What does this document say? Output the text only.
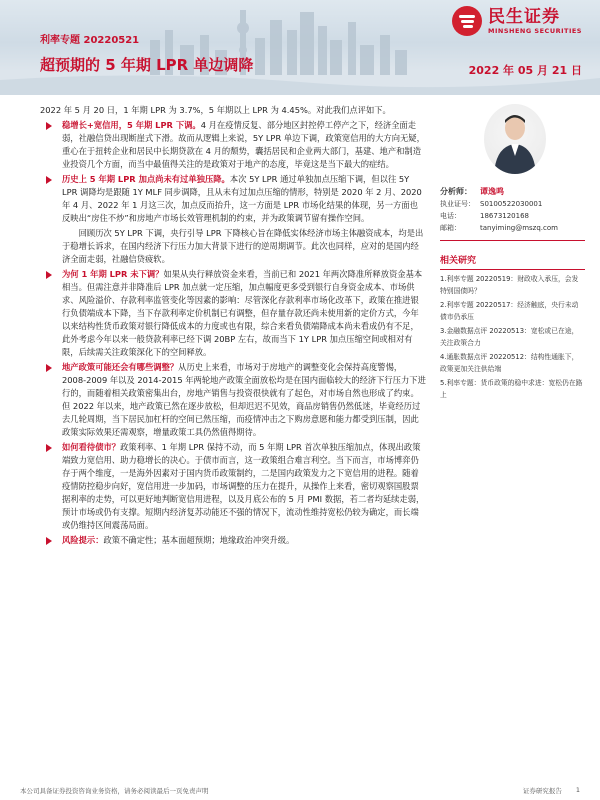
民生证券
MINSHENG SECURITIES
利率专题 20220521
超预期的 5 年期 LPR 单边调降	2022 年 05 月 21 日

2022 年 5 月 20 日，1 年期 LPR 为 3.7%，5 年期以上 LPR 为 4.45%。对此我们点评如下。

稳增长+宽信用，5 年期 LPR 下调。4 月在疫情反复、部分地区封控停工停产之下，经济全面走弱，社融信贷出现断崖式下滑。故而从逻辑上来说，5Y LPR 单边下调，政策宽信用的大方向无疑，重心在于扭转企业和居民中长期贷款在 4 月的颓势，囊括居民和企业两大部门，基建、地产和制造业投资几个方面，而当中最值得关注的是政策对于地产的态度，毕竟这是当下最大的症结。
历史上 5 年期 LPR 加点尚未有过单独压降。本次 5Y LPR 通过单独加点压缩下调，但以往 5Y LPR 调降均是跟随 1Y MLF 同步调降，且从未有过加点压缩的情形，特别是 2020 年 2 月、2020 年 4 月、2022 年 1 月这三次，加点反而抬升，这一方面是 LPR 市场化结果的体现，另一方面也反映出“房住不炒”和房地产市场长效管理机制的约束，并为政策调节留有操作空间。

回顾历次 5Y LPR 下调，央行引导 LPR 下降核心旨在降低实体经济市场主体融资成本，均是出于稳增长诉求，在国内经济下行压力加大背景下进行的逆周期调节。此次也同样，应对的是国内经济全面走弱，社融信贷疲软。

为何 1 年期 LPR 未下调？如果从央行释放资金来看，当前已和 2021 年两次降准所释放资金基本相当。但需注意并非降准后 LPR 加点就一定压缩，加点幅度更多受到银行自身资金成本、市场供求、风险溢价、存款利率监管变化等因素的影响：尽管深化存款利率市场化改革下，政策在推进银行负债端成本下降，当下存款利率定价机制已有调整，但存量存款还尚未使用新的定价方式，今年以来结构性货币政策对银行降低成本的力度或也有限，综合来看负债端降成本尚未看成仍有不足，此外考虑今年以来一般贷款利率已经下调 20BP 左右，故而当下 1Y LPR 加点压缩空间或相对有限，后续需关注政策深化下的空间释放。
地产政策可能还会有哪些调整？从历史上来看，市场对于房地产的调整变化会保持高度警惕，2008-2009 年以及 2014-2015 年两轮地产政策全面放松均是在国内面临较大的经济下行压力下进行的，而随着相关政策密集出台，房地产销售与投资很快就有了起色，对市场自然也形成了约束。但 2022 年以来，地产政策已然在逐步放松，但却迟迟不见效，商品房销售仍然低迷，毕竟经历过去几轮周期，当下居民加杠杆的空间已然压缩，而疫情冲击之下购房意愿和能力都受到压制，因此政策实际效果还需观察，增量政策工具仍然值得期待。
如何看待债市？政策利率、1 年期 LPR 保持不动，而 5 年期 LPR 首次单独压缩加点，体现出政策端致力宽信用、助力稳增长的决心。于债市而言，这一政策组合难言利空。当下而言，市场博弈仍存于两个维度，一是海外因素对于国内货币政策制约，二是国内政策发力之下宽信用的进程。随着疫情防控稳步向好，宽信用进一步加码，市场调整的压力在提升，从操作上来看，密切观察国股票据利率的走势，可以更好地判断宽信用进程，以及月底公布的 5 月 PMI 数据，若二者均延续走弱，预计市场或仍有支撑。短期内经济复苏动能还不强的情况下，流动性维持宽松仍较为确定，而长端或仍维持区间震荡局面。
风险提示：政策不确定性；基本面超预期；地缘政治冲突升级。
分析师：	谭逸鸣
执业证号： S0100522030001
电话：	18673120168
邮箱：	tanyiming@mszq.com
相关研究
1.利率专题 20220519：财政收入承压，会发特别国债吗？
2.利率专题 20220517：经济触底，央行未动债市仍承压
3.金融数据点评 20220513：宽松或已在途，关注政策合力
4.通胀数据点评 20220512：结构性通胀下，政策更加关注供给端
5.利率专题：货币政策的稳中求进：宽松仍在路上
本公司具备证券投资咨询业务资格，请务必阅读最后一页免责声明	证券研究报告 1
